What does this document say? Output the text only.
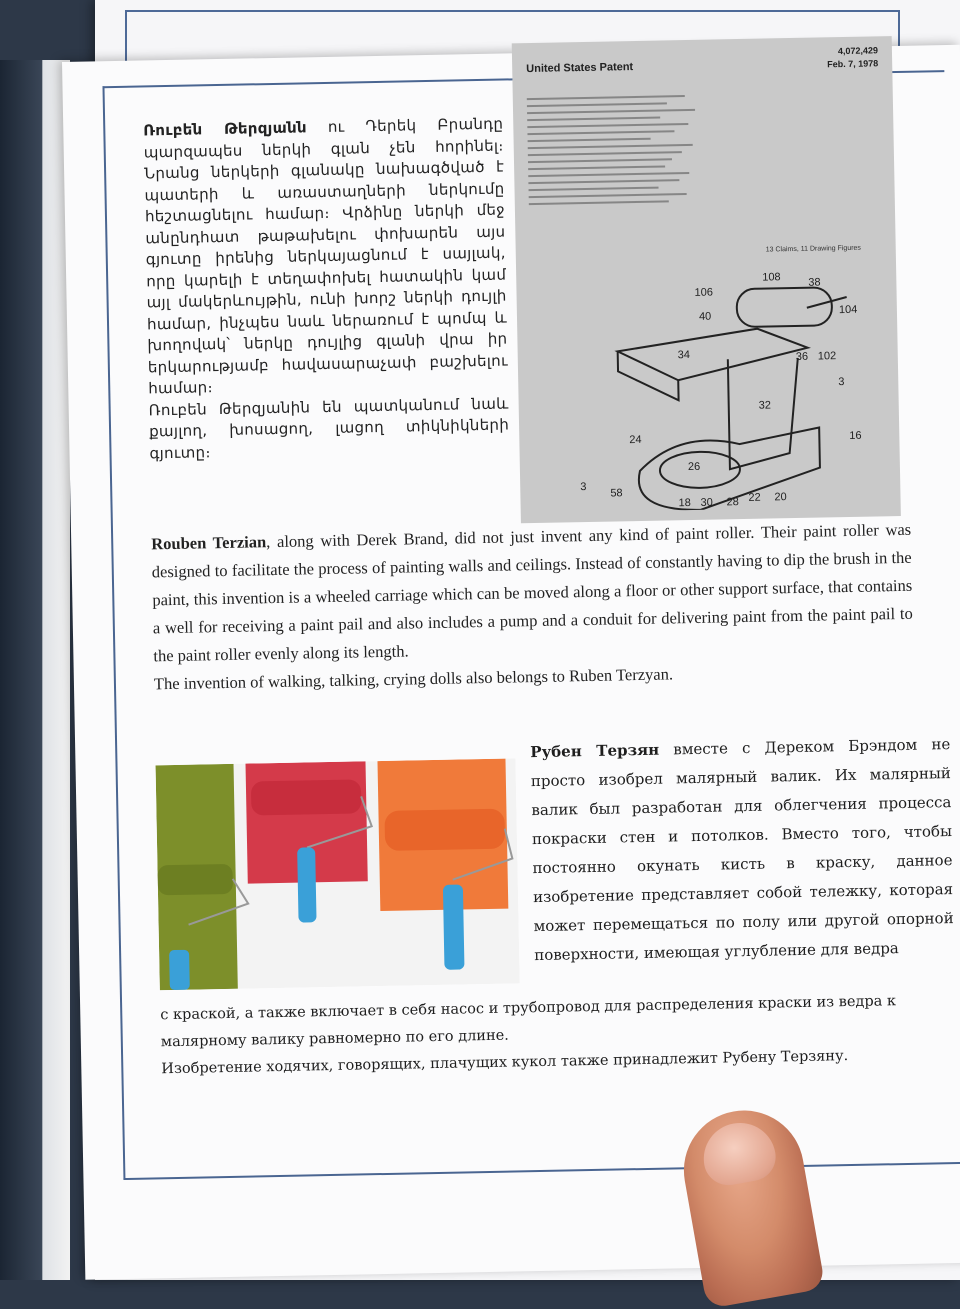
United States Patent
4,072,429
Feb. 7, 1978
13 Claims, 11 Drawing Figures
108	38
106
104
40
34	36 102
32
3
24	16
26
58
30 28 22 20
18
3

Ռուբեն Թերզյանն ու Դերեկ Բրանդը պարզապես ներկի գլան չեն հորինել։ Նրանց ներկերի գլանակը նախագծված է պատերի և առաստաղների ներկումը հեշտացնելու համար։ Վրձինը ներկի մեջ անընդհատ թաթախելու փոխարեն այս գյուտը իրենից ներկայացնում է սայլակ, որը կարելի է տեղափոխել հատակին կամ այլ մակերևույթին, ունի խորշ ներկի դույլի համար, ինչպես նաև ներառում է պոմպ և խողովակ՝ ներկը դույլից գլանի վրա իր երկարությամբ հավասարաչափ բաշխելու համար։

Ռուբեն Թերզյանին են պատկանում նաև քայլող, խոսացող, լացող տիկնիկների գյուտը։

Rouben Terzian, along with Derek Brand, did not just invent any kind of paint roller. Their paint roller was designed to facilitate the process of painting walls and ceilings. Instead of constantly having to dip the brush in the paint, this invention is a wheeled carriage which can be moved along a floor or other support surface, that contains a well for receiving a paint pail and also includes a pump and a conduit for delivering paint from the paint pail to the paint roller evenly along its length.

The invention of walking, talking, crying dolls also belongs to Ruben Terzyan.

Рубен Терзян вместе с Дереком Брэндом не просто изобрел малярный валик. Их малярный валик был разработан для облегчения процесса покраски стен и потолков. Вместо того, чтобы постоянно окунать кисть в краску, данное изобретение представляет собой тележку, которая может перемещаться по полу или другой опорной поверхности, имеющая углубление для ведра

с краской, а также включает в себя насос и трубопровод для распределения краски из ведра к малярному валику равномерно по его длине.

Изобретение ходячих, говорящих, плачущих кукол также принадлежит Рубену Терзяну.
